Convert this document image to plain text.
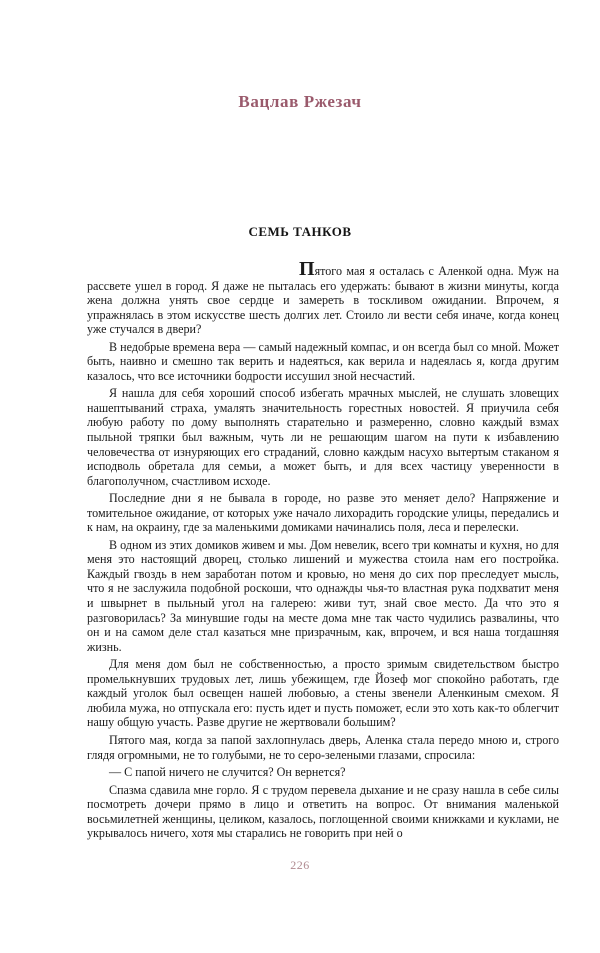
Вацлав Ржезач
СЕМЬ ТАНКОВ

Пятого мая я осталась с Аленкой одна. Муж на рассвете ушел в город. Я даже не пыталась его удержать: бывают в жизни минуты, когда жена должна унять свое сердце и замереть в тоскливом ожидании. Впрочем, я упражнялась в этом искусстве шесть долгих лет. Стоило ли вести себя иначе, когда конец уже стучался в двери?

В недобрые времена вера — самый надежный компас, и он всегда был со мной. Может быть, наивно и смешно так верить и надеяться, как верила и надеялась я, когда другим казалось, что все источники бодрости иссушил зной несчастий.

Я нашла для себя хороший способ избегать мрачных мыслей, не слушать зловещих нашептываний страха, умалять значительность горестных новостей. Я приучила себя любую работу по дому выполнять старательно и размеренно, словно каждый взмах пыльной тряпки был важным, чуть ли не решающим шагом на пути к избавлению человечества от изнуряющих его страданий, словно каждым насухо вытертым стаканом я исподволь обретала для семьи, а может быть, и для всех частицу уверенности в благополучном, счастливом исходе.

Последние дни я не бывала в городе, но разве это меняет дело? Напряжение и томительное ожидание, от которых уже начало лихорадить городские улицы, передались и к нам, на окраину, где за маленькими домиками начинались поля, леса и перелески.

В одном из этих домиков живем и мы. Дом невелик, всего три комнаты и кухня, но для меня это настоящий дворец, столько лишений и мужества стоила нам его постройка. Каждый гвоздь в нем заработан потом и кровью, но меня до сих пор преследует мысль, что я не заслужила подобной роскоши, что однажды чья-то властная рука подхватит меня и швырнет в пыльный угол на галерею: живи тут, знай свое место. Да что это я разговорилась? За минувшие годы на месте дома мне так часто чудились развалины, что он и на самом деле стал казаться мне призрачным, как, впрочем, и вся наша тогдашняя жизнь.

Для меня дом был не собственностью, а просто зримым свидетельством быстро промелькнувших трудовых лет, лишь убежищем, где Йозеф мог спокойно работать, где каждый уголок был освещен нашей любовью, а стены звенели Аленкиным смехом. Я любила мужа, но отпускала его: пусть идет и пусть поможет, если это хоть как-то облегчит нашу общую участь. Разве другие не жертвовали большим?

Пятого мая, когда за папой захлопнулась дверь, Аленка стала передо мною и, строго глядя огромными, не то голубыми, не то серо-зелеными глазами, спросила:

— С папой ничего не случится? Он вернется?

Спазма сдавила мне горло. Я с трудом перевела дыхание и не сразу нашла в себе силы посмотреть дочери прямо в лицо и ответить на вопрос. От внимания маленькой восьмилетней женщины, целиком, казалось, поглощенной своими книжками и куклами, не укрывалось ничего, хотя мы старались не говорить при ней о

226
